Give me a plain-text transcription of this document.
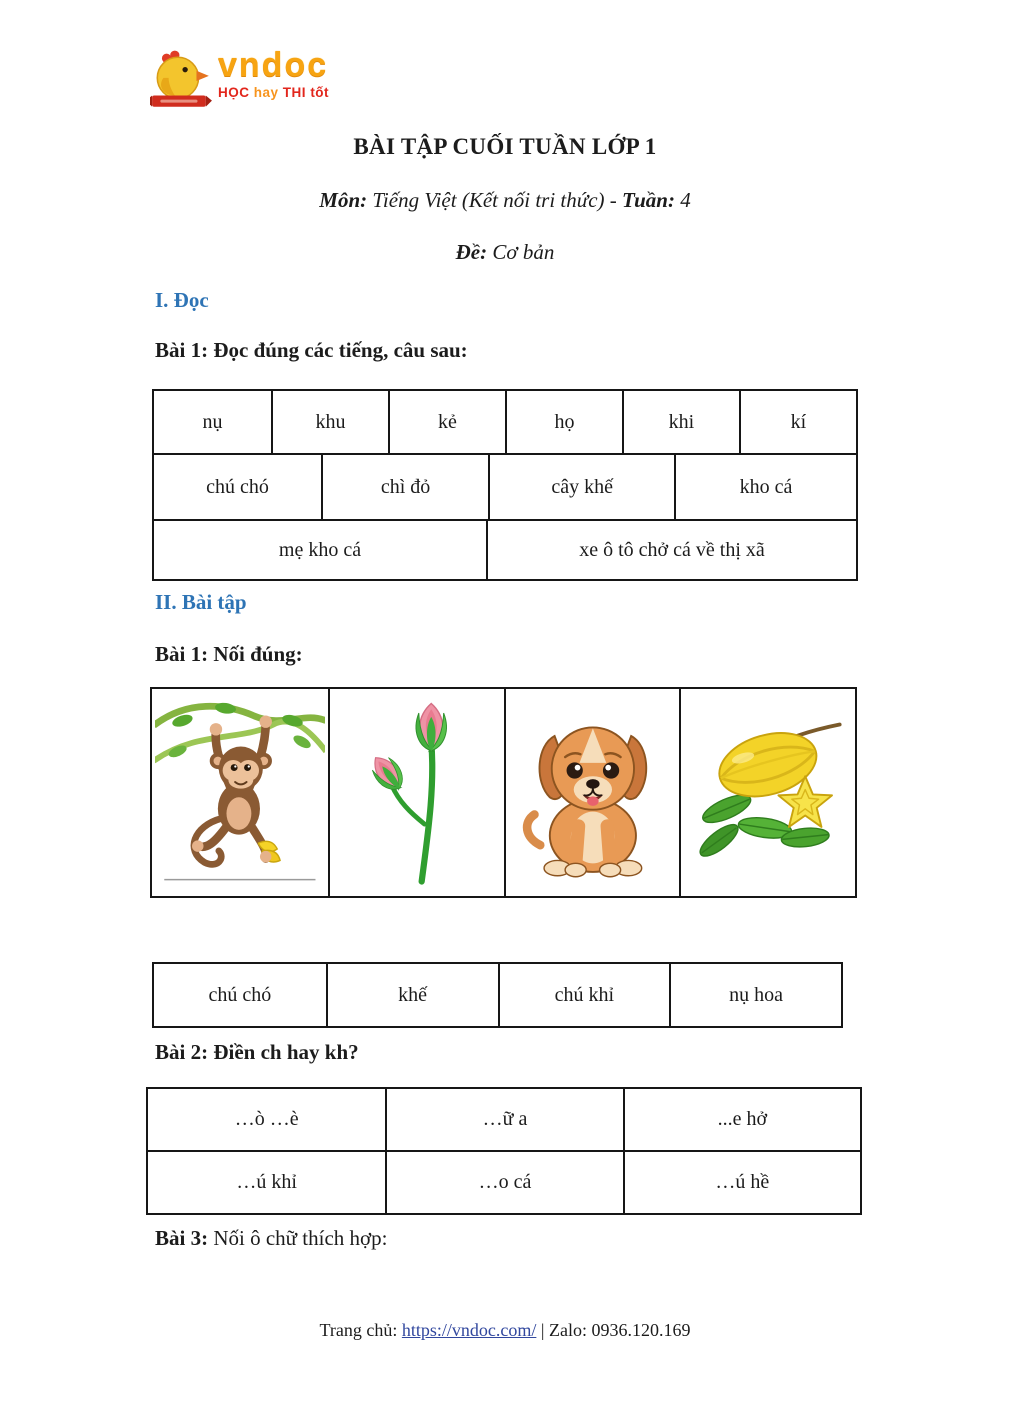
vndoc
HỌC hay THI tốt
BÀI TẬP CUỐI TUẦN LỚP 1
Môn: Tiếng Việt (Kết nối tri thức) - Tuần: 4
Đề: Cơ bản
I. Đọc
Bài 1: Đọc đúng các tiếng, câu sau:
nụ	khu	kẻ	họ	khi	kí
chú chó	chì đỏ	cây khế	kho cá
mẹ kho cá	xe ô tô chở cá về thị xã
II. Bài tập
Bài 1: Nối đúng:
chú chó	khế	chú khỉ	nụ hoa
Bài 2: Điền ch hay kh?
…ò …è	…ữ a	...e hở
…ú khỉ	…o cá	…ú hề
Bài 3: Nối ô chữ thích hợp:
Trang chủ: https://vndoc.com/ | Zalo: 0936.120.169
